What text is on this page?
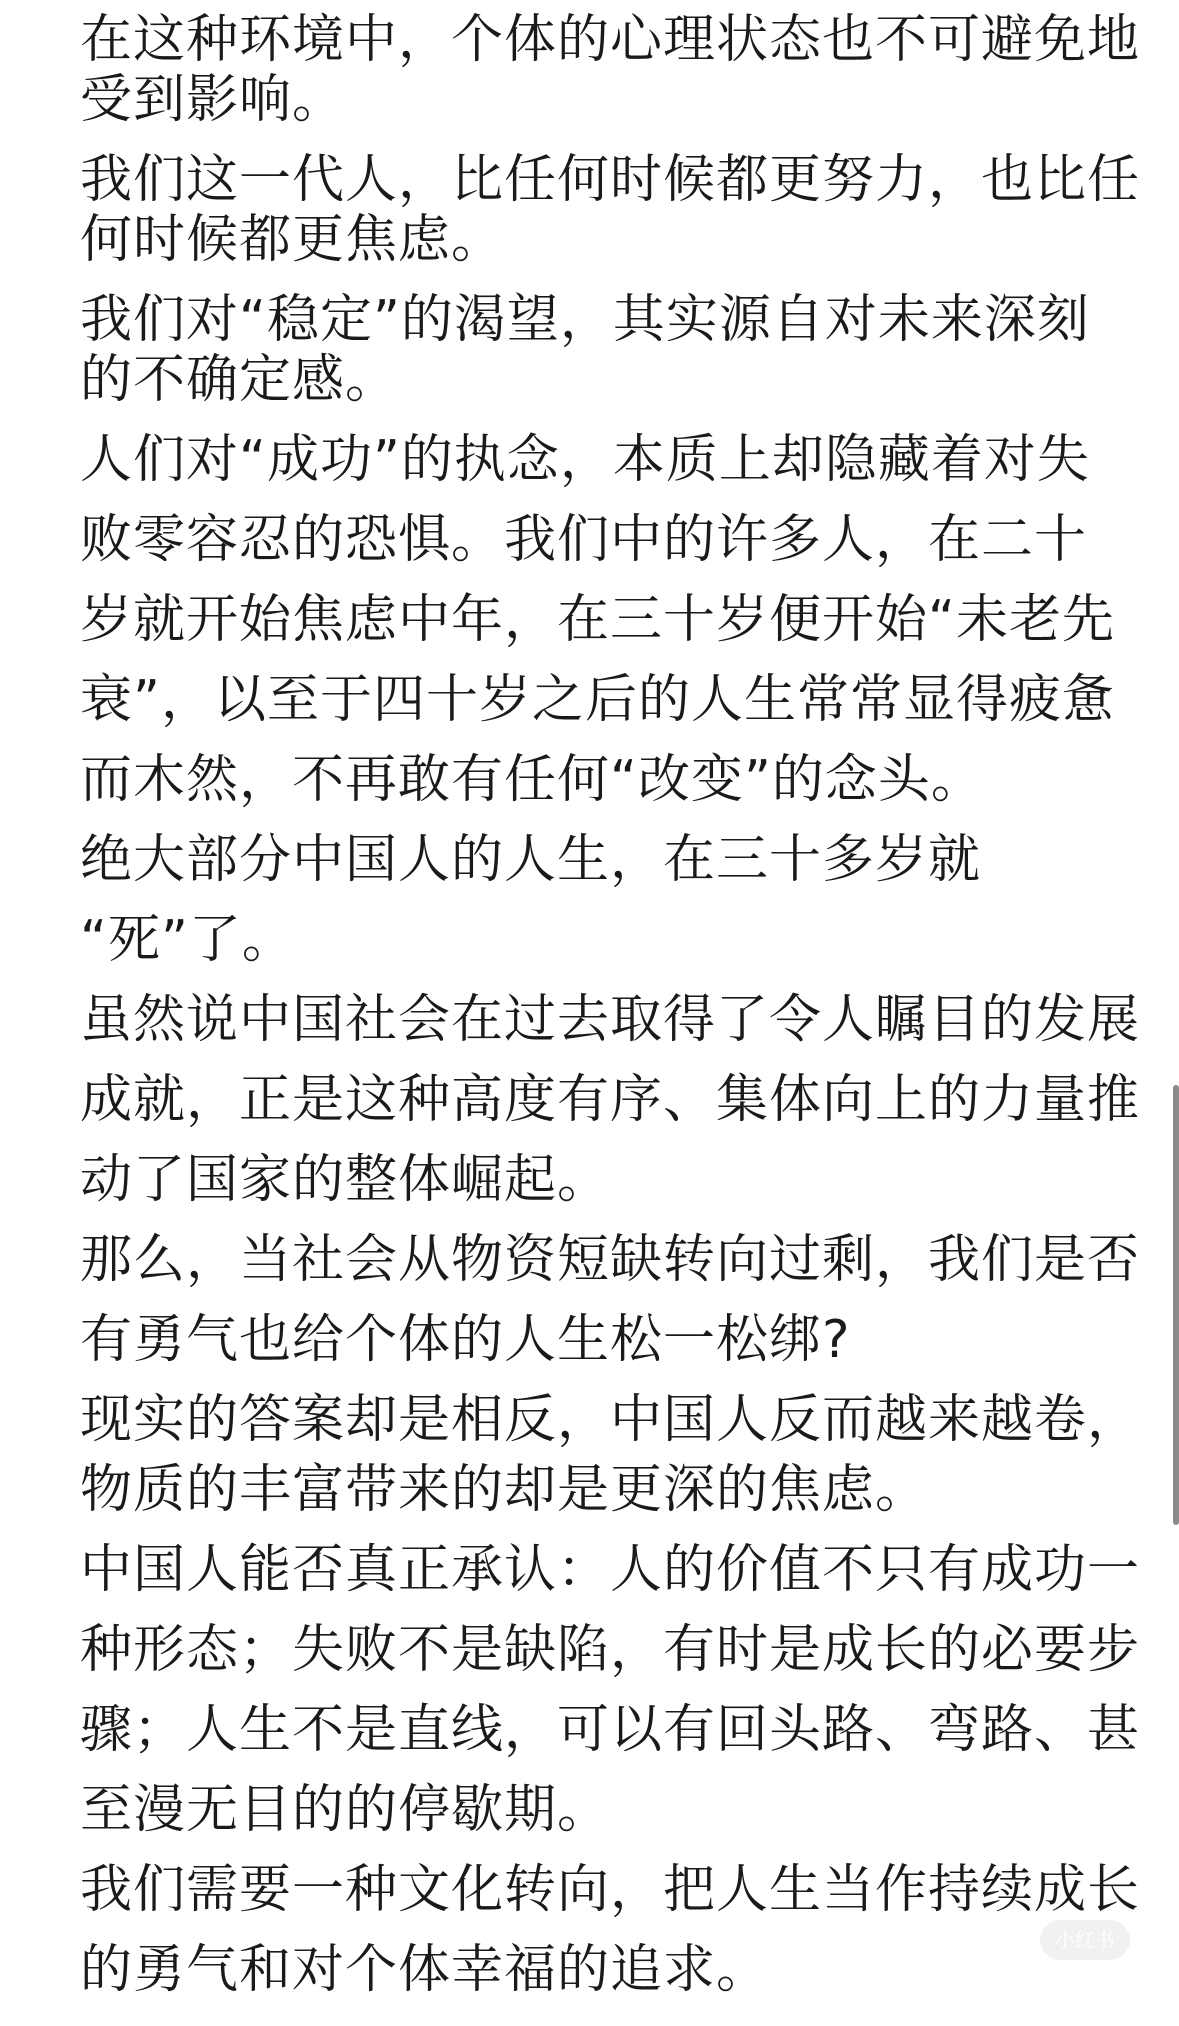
在这种环境中，个体的心理状态也不可避免地
受到影响。
我们这一代人，比任何时候都更努力，也比任
何时候都更焦虑。
我们对“稳定”的渴望，其实源自对未来深刻
的不确定感。
人们对“成功”的执念，本质上却隐藏着对失
败零容忍的恐惧。我们中的许多人，在二十
岁就开始焦虑中年，在三十岁便开始“未老先
衰”，以至于四十岁之后的人生常常显得疲惫
而木然，不再敢有任何“改变”的念头。
绝大部分中国人的人生，在三十多岁就
“死”了。
虽然说中国社会在过去取得了令人瞩目的发展
成就，正是这种高度有序、集体向上的力量推
动了国家的整体崛起。
那么，当社会从物资短缺转向过剩，我们是否
有勇气也给个体的人生松一松绑?
现实的答案却是相反，中国人反而越来越卷，
物质的丰富带来的却是更深的焦虑。
中国人能否真正承认：人的价值不只有成功一
种形态；失败不是缺陷，有时是成长的必要步
骤；人生不是直线，可以有回头路、弯路、甚
至漫无目的的停歇期。
我们需要一种文化转向，把人生当作持续成长
的勇气和对个体幸福的追求。	小红书
